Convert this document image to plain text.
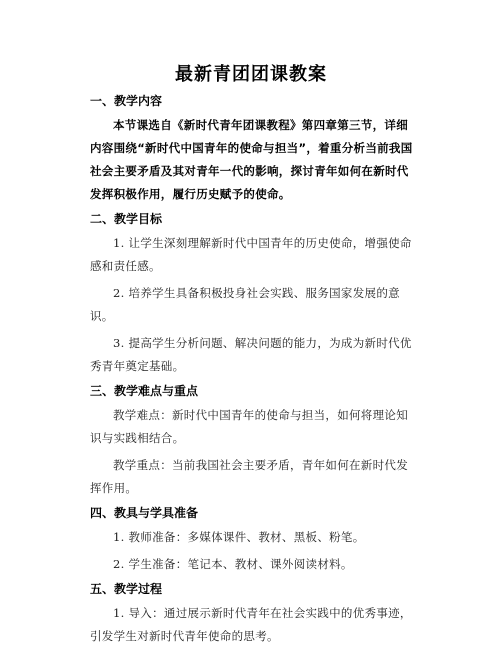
最新青团团课教案
一、教学内容

本节课选自《新时代青年团课教程》第四章第三节，详细内容围绕“新时代中国青年的使命与担当”，着重分析当前我国社会主要矛盾及其对青年一代的影响，探讨青年如何在新时代发挥积极作用，履行历史赋予的使命。

二、教学目标

1. 让学生深刻理解新时代中国青年的历史使命，增强使命感和责任感。

2. 培养学生具备积极投身社会实践、服务国家发展的意识。

3. 提高学生分析问题、解决问题的能力，为成为新时代优秀青年奠定基础。

三、教学难点与重点

教学难点：新时代中国青年的使命与担当，如何将理论知识与实践相结合。

教学重点：当前我国社会主要矛盾，青年如何在新时代发挥作用。

四、教具与学具准备

1. 教师准备：多媒体课件、教材、黑板、粉笔。

2. 学生准备：笔记本、教材、课外阅读材料。

五、教学过程

1. 导入：通过展示新时代青年在社会实践中的优秀事迹，引发学生对新时代青年使命的思考。
